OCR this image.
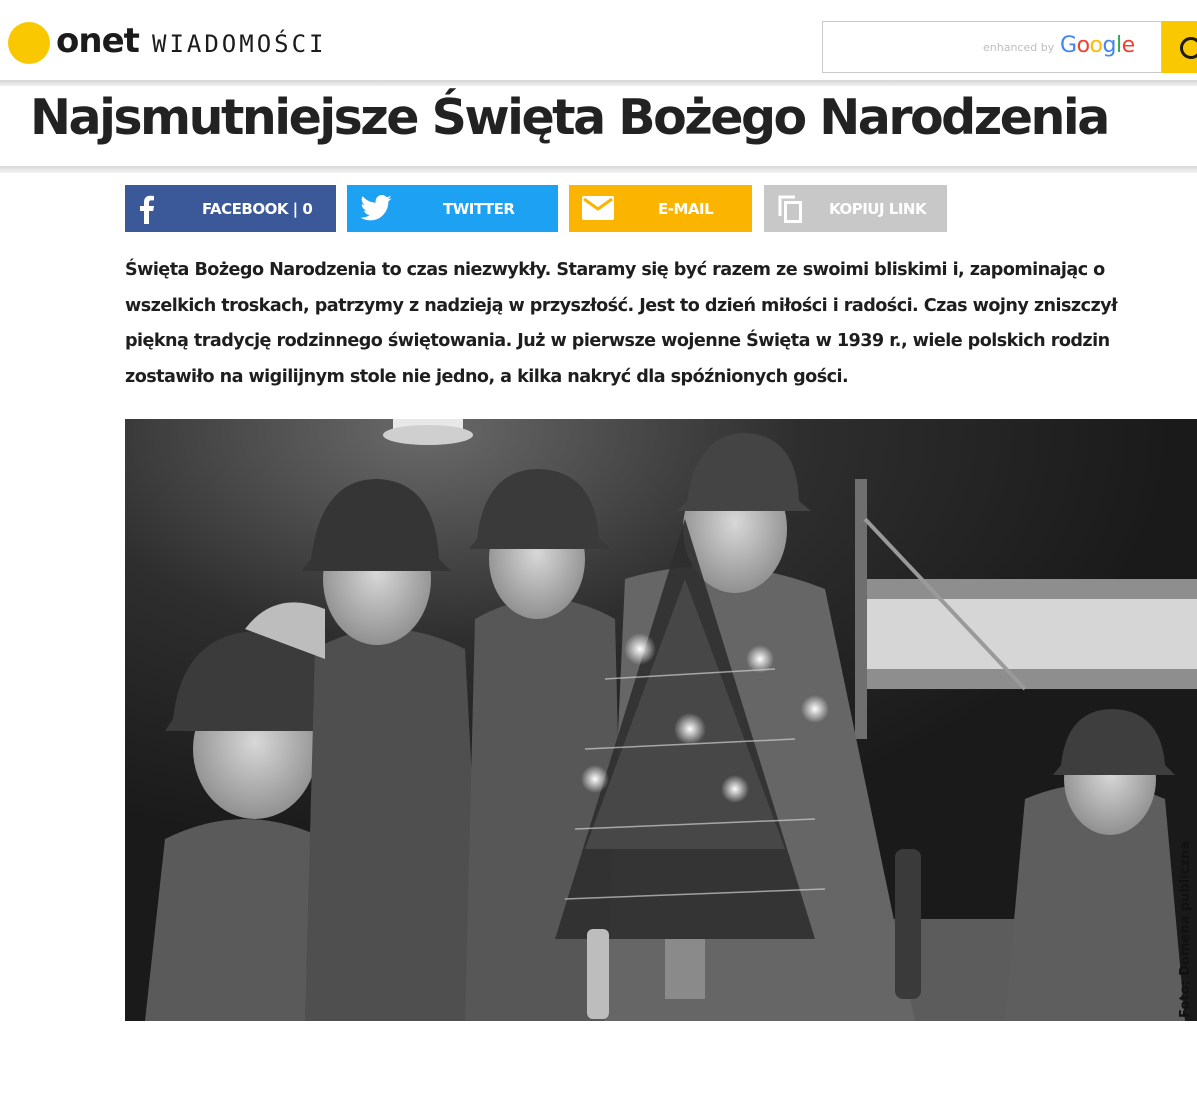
onet WIADOMOŚCI	enhanced by Google
Najsmutniejsze Święta Bożego Narodzenia
FACEBOOK | 0	TWITTER	E-MAIL	KOPIUJ LINK

Święta Bożego Narodzenia to czas niezwykły. Staramy się być razem ze swoimi bliskimi i, zapominając o wszelkich troskach, patrzymy z nadzieją w przyszłość. Jest to dzień miłości i radości. Czas wojny zniszczył piękną tradycję rodzinnego świętowania. Już w pierwsze wojenne Święta w 1939 r., wiele polskich rodzin zostawiło na wigilijnym stole nie jedno, a kilka nakryć dla spóźnionych gości.

Foto: Domena publiczna
